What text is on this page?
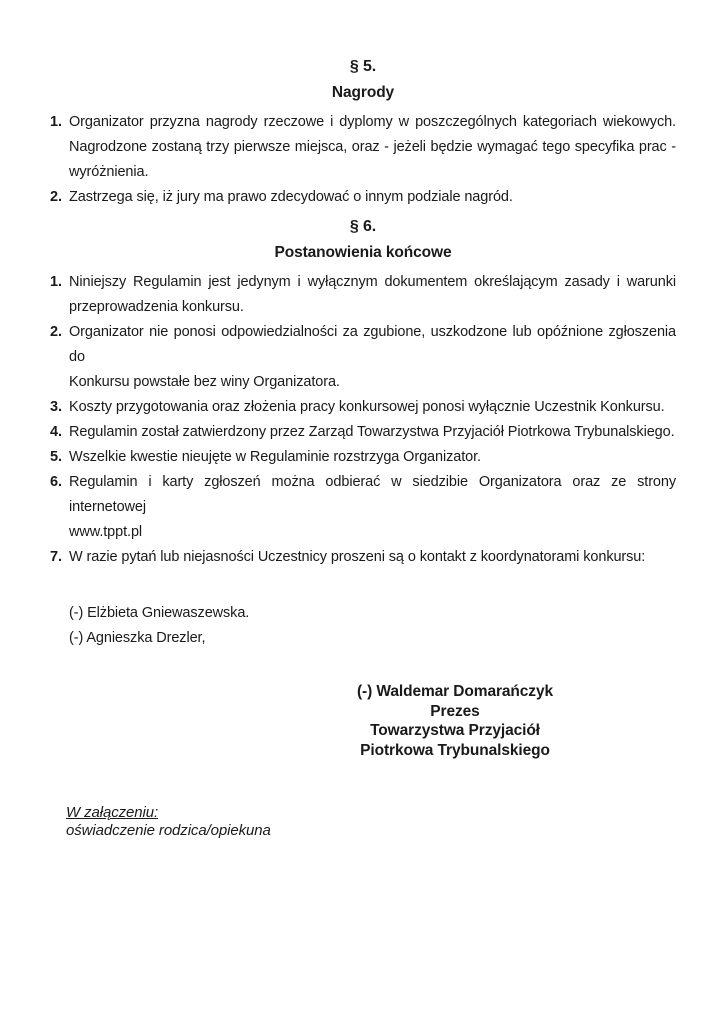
§ 5.
Nagrody
1. Organizator przyzna nagrody rzeczowe i dyplomy w poszczególnych kategoriach wiekowych.
Nagrodzone zostaną trzy pierwsze miejsca, oraz - jeżeli będzie wymagać tego specyfika prac -
wyróżnienia.
2. Zastrzega się, iż jury ma prawo zdecydować o innym podziale nagród.
§ 6.
Postanowienia końcowe
1. Niniejszy Regulamin jest jedynym i wyłącznym dokumentem określającym zasady i warunki
przeprowadzenia konkursu.
2. Organizator nie ponosi odpowiedzialności za zgubione, uszkodzone lub opóźnione zgłoszenia do
Konkursu powstałe bez winy Organizatora.
3. Koszty przygotowania oraz złożenia pracy konkursowej ponosi wyłącznie Uczestnik Konkursu.
4. Regulamin został zatwierdzony przez Zarząd Towarzystwa Przyjaciół Piotrkowa Trybunalskiego.
5. Wszelkie kwestie nieujęte w Regulaminie rozstrzyga Organizator.
6. Regulamin i karty zgłoszeń można odbierać w siedzibie Organizatora oraz ze strony internetowej
www.tppt.pl
7. W razie pytań lub niejasności Uczestnicy proszeni są o kontakt z koordynatorami konkursu:
(-) Elżbieta Gniewaszewska.
(-) Agnieszka Drezler,
(-) Waldemar Domarańczyk
Prezes
Towarzystwa Przyjaciół
Piotrkowa Trybunalskiego
W załączeniu:
oświadczenie rodzica/opiekuna
